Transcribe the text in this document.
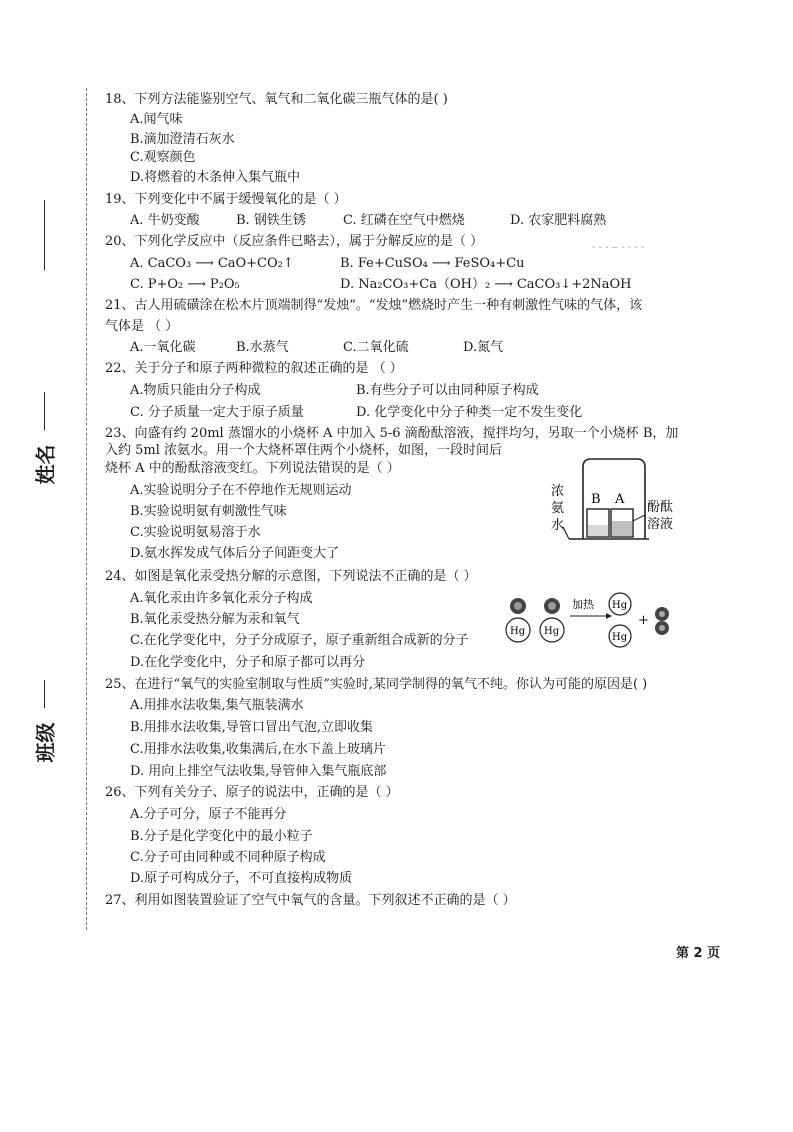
姓名
班级
18、下列方法能鉴别空气、氧气和二氧化碳三瓶气体的是( )
A.闻气味
B.滴加澄清石灰水
C.观察颜色
D.将燃着的木条伸入集气瓶中
19、下列变化中不属于缓慢氧化的是（ ）
A. 牛奶变酸	B. 钢铁生锈	C. 红磷在空气中燃烧	D. 农家肥料腐熟
20、下列化学反应中（反应条件已略去），属于分解反应的是（ ）
A. CaCO₃ ⟶ CaO+CO₂↑	B. Fe+CuSO₄ ⟶ FeSO₄+Cu
‐ ‑ ‑ ‒ ‐ ‑ ‐ ‐
C. P+O₂ ⟶ P₂O₅	D. Na₂CO₃+Ca（OH）₂ ⟶ CaCO₃↓+2NaOH
21、古人用硫磺涂在松木片顶端制得“发烛”。“发烛”燃烧时产生一种有刺激性气味的气体，该
气体是 （ ）
A.一氧化碳	B.水蒸气	C.二氧化硫	D.氮气
22、关于分子和原子两种微粒的叙述正确的是 （ ）
A.物质只能由分子构成	B.有些分子可以由同种原子构成
C. 分子质量一定大于原子质量	D. 化学变化中分子种类一定不发生变化
23、向盛有约 20ml 蒸馏水的小烧杯 A 中加入 5-6 滴酚酞溶液，搅拌均匀，另取一个小烧杯 B，加
入约 5ml 浓氨水。用一个大烧杯罩住两个小烧杯，如图，一段时间后
烧杯 A 中的酚酞溶液变红。下列说法错误的是（ ）
A.实验说明分子在不停地作无规则运动
B.实验说明氨有刺激性气味
C.实验说明氨易溶于水
D.氨水挥发成气体后分子间距变大了
B A
浓
氨
水
酚酞
溶液
24、如图是氧化汞受热分解的示意图，下列说法不正确的是（ ）
A.氧化汞由许多氧化汞分子构成
B.氧化汞受热分解为汞和氧气
C.在化学变化中，分子分成原子，原子重新组合成新的分子
D.在化学变化中，分子和原子都可以再分
Hg Hg
加热 Hg
Hg
+
25、在进行“氧气的实验室制取与性质”实验时,某同学制得的氧气不纯。你认为可能的原因是( )
A.用排水法收集,集气瓶装满水
B.用排水法收集,导管口冒出气泡,立即收集
C.用排水法收集,收集满后,在水下盖上玻璃片
D. 用向上排空气法收集,导管伸入集气瓶底部
26、下列有关分子、原子的说法中，正确的是（ ）
A.分子可分，原子不能再分
B.分子是化学变化中的最小粒子
C.分子可由同种或不同种原子构成
D.原子可构成分子，不可直接构成物质
27、利用如图装置验证了空气中氧气的含量。下列叙述不正确的是（ ）
第 2 页
